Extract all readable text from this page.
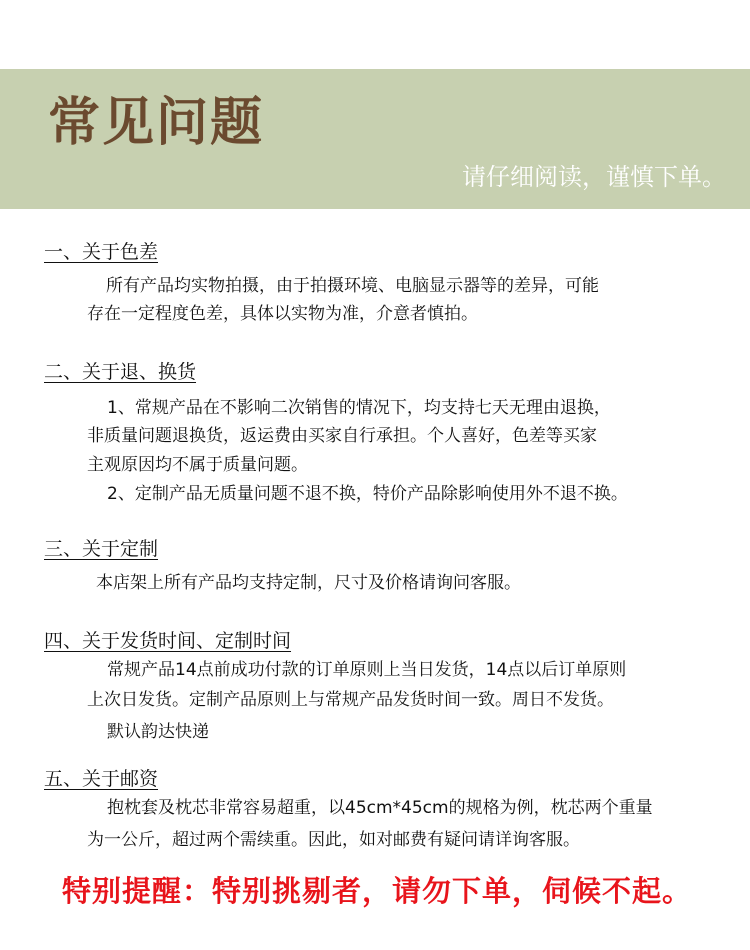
常见问题
请仔细阅读，谨慎下单。
一、关于色差
所有产品均实物拍摄，由于拍摄环境、电脑显示器等的差异，可能
存在一定程度色差，具体以实物为准，介意者慎拍。
二、关于退、换货
1、常规产品在不影响二次销售的情况下，均支持七天无理由退换，
非质量问题退换货，返运费由买家自行承担。个人喜好，色差等买家
主观原因均不属于质量问题。
2、定制产品无质量问题不退不换，特价产品除影响使用外不退不换。
三、关于定制
本店架上所有产品均支持定制，尺寸及价格请询问客服。
四、关于发货时间、定制时间
常规产品14点前成功付款的订单原则上当日发货，14点以后订单原则
上次日发货。定制产品原则上与常规产品发货时间一致。周日不发货。
默认韵达快递
五、关于邮资
抱枕套及枕芯非常容易超重，以45cm*45cm的规格为例，枕芯两个重量
为一公斤，超过两个需续重。因此，如对邮费有疑问请详询客服。
特别提醒：特别挑剔者，请勿下单，伺候不起。
